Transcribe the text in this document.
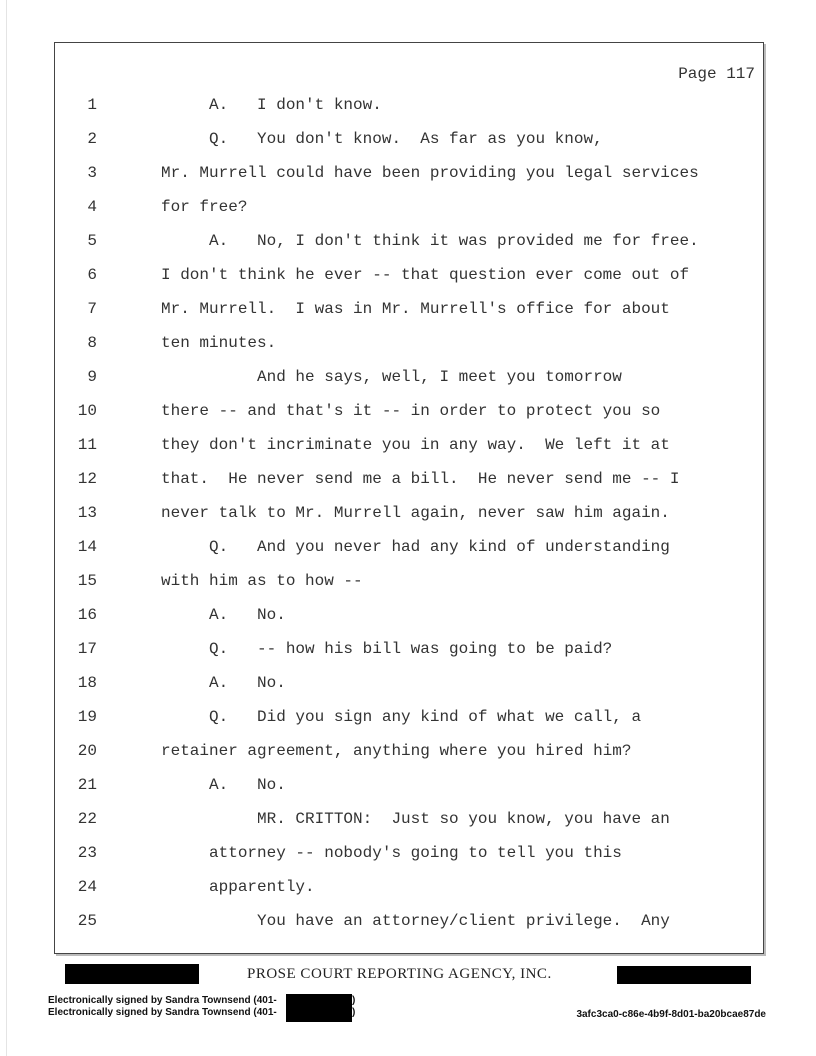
Page 117
1	A.   I don't know.
2	Q.   You don't know.  As far as you know,
3	Mr. Murrell could have been providing you legal services
4	for free?
5	A.   No, I don't think it was provided me for free.
6	I don't think he ever -- that question ever come out of
7	Mr. Murrell.  I was in Mr. Murrell's office for about
8	ten minutes.
9	And he says, well, I meet you tomorrow
10	there -- and that's it -- in order to protect you so
11	they don't incriminate you in any way.  We left it at
12	that.  He never send me a bill.  He never send me -- I
13	never talk to Mr. Murrell again, never saw him again.
14	Q.   And you never had any kind of understanding
15	with him as to how --
16	A.   No.
17	Q.   -- how his bill was going to be paid?
18	A.   No.
19	Q.   Did you sign any kind of what we call, a
20	retainer agreement, anything where you hired him?
21	A.   No.
22	MR. CRITTON:  Just so you know, you have an
23	attorney -- nobody's going to tell you this
24	apparently.
25	You have an attorney/client privilege.  Any
PROSE COURT REPORTING AGENCY, INC.
Electronically signed by Sandra Townsend (401-	)
Electronically signed by Sandra Townsend (401-	)	3afc3ca0-c86e-4b9f-8d01-ba20bcae87de
